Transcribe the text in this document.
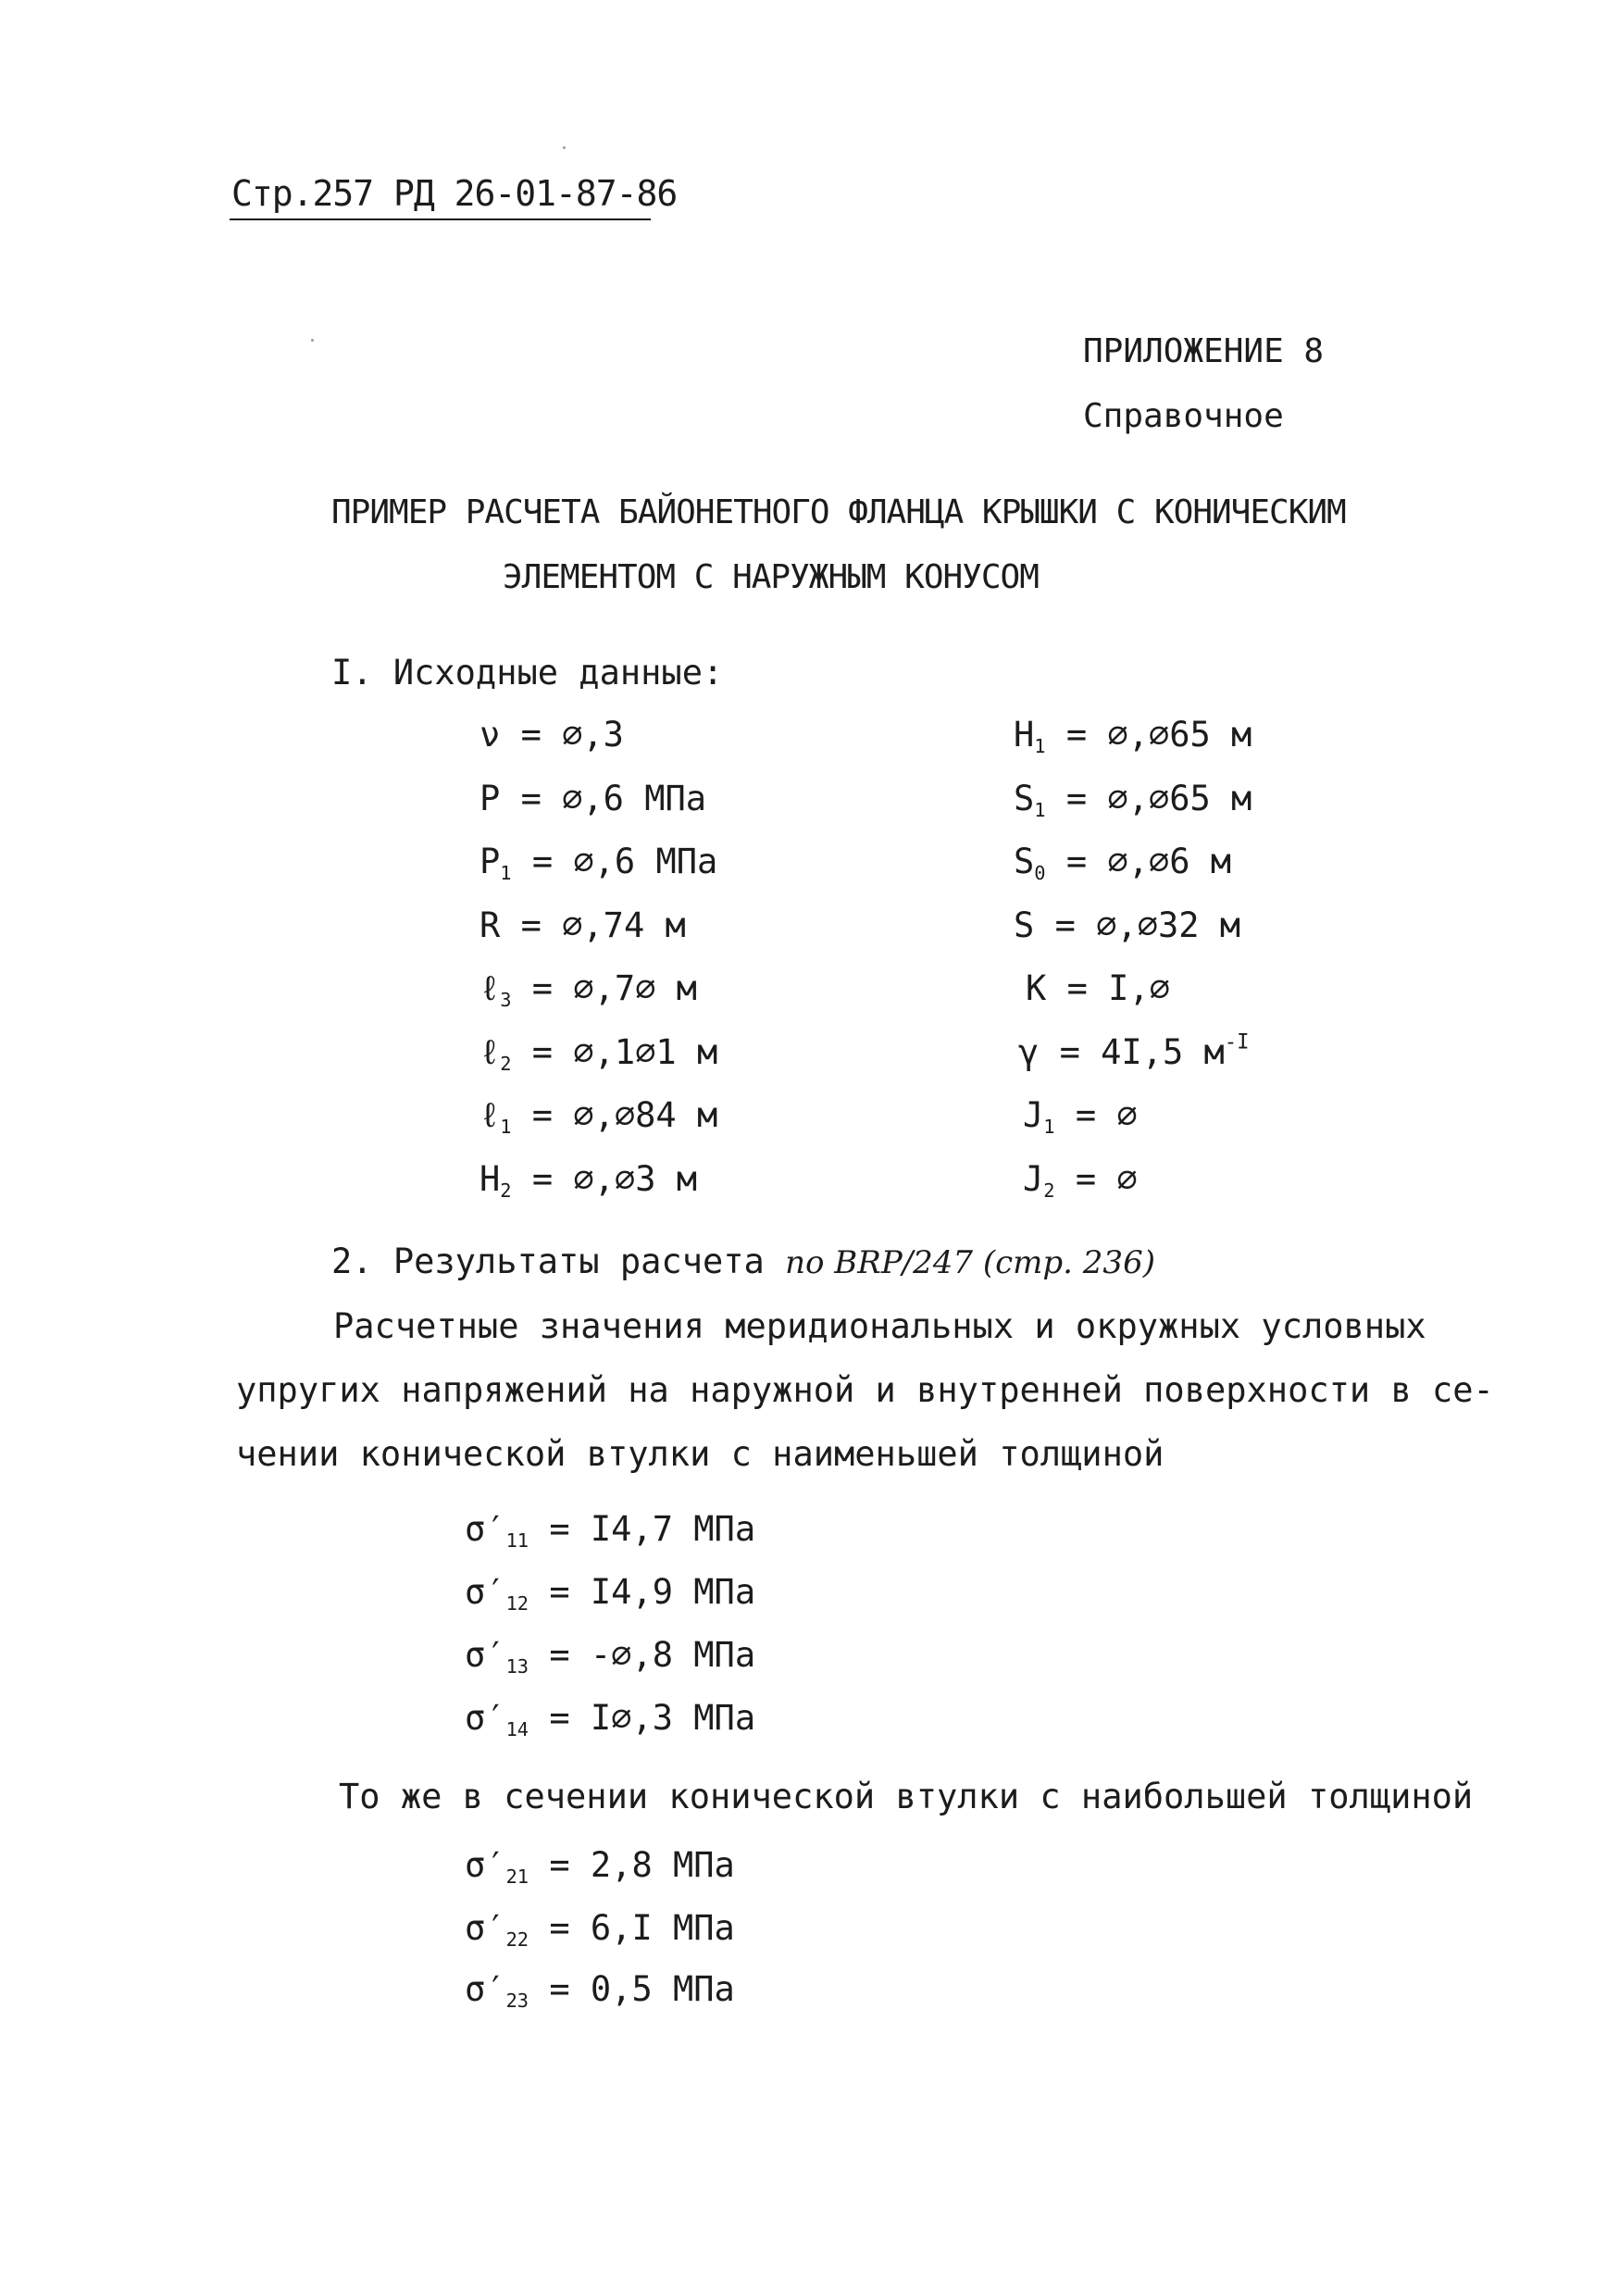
Стр.257 РД 26-01-87-86
ПРИЛОЖЕНИЕ 8
Справочное
ПРИМЕР РАСЧЕТА БАЙОНЕТНОГО ФЛАНЦА КРЫШКИ С КОНИЧЕСКИМ
ЭЛЕМЕНТОМ С НАРУЖНЫМ КОНУСОМ
I. Исходные данные:
ν = ∅,3
P = ∅,6 МПа
$P_1$ = ∅,6 МПа
R = ∅,74 м
ℓ$_3$ = ∅,7∅ м
ℓ$_2$ = ∅,1∅1 м
ℓ$_1$ = ∅,∅84 м
$H_2$ = ∅,∅3 м
$H_1$ = ∅,∅65 м
$S_1$ = ∅,∅65 м
$S_0$ = ∅,∅6 м
S = ∅,∅32 м
K = I,∅
γ = 4I,5 $м^{-I}$
$J_1$ = ∅
$J_2$ = ∅
2. Результаты расчета по BRP/247 (стр. 236)
Расчетные значения меридиональных и окружных условных
упругих напряжений на наружной и внутренней поверхности в се-
чении конической втулки с наименьшей толщиной
$\sigma'_{11} = I4,7$ МПа
$\sigma'_{12} = I4,9$ МПа
$\sigma'_{13}$ = -∅,8 МПа
$\sigma'_{14}$ = I∅,3 МПа
То же в сечении конической втулки с наибольшей толщиной
$\sigma'_{21} = 2,8$ МПа
$\sigma'_{22} = 6,I$ МПа
$\sigma'_{23} = 0,5$ МПа
